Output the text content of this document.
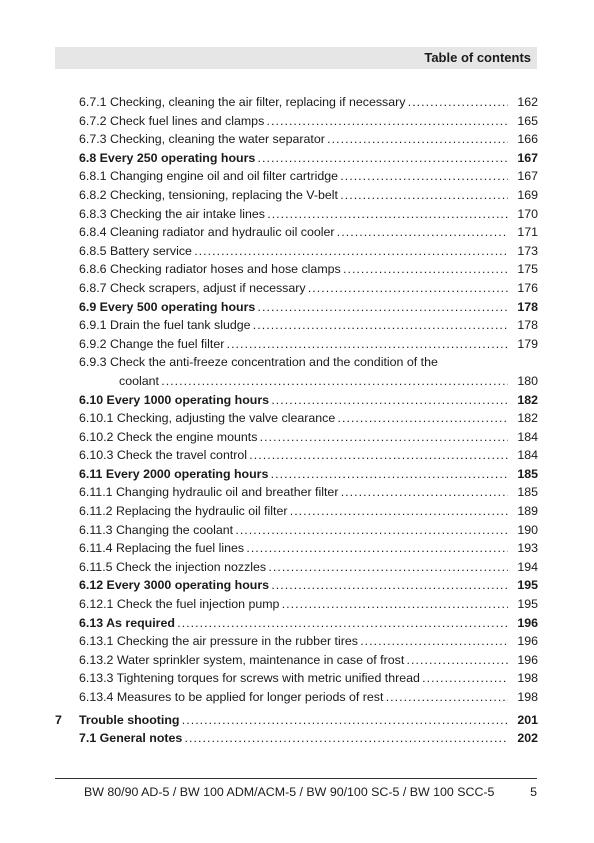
Table of contents
6.7.1 Checking, cleaning the air filter, replacing if necessary . . .	162
6.7.2 Check fuel lines and clamps . . .	165
6.7.3 Checking, cleaning the water separator . . .	166
6.8 Every 250 operating hours . . .	167
6.8.1 Changing engine oil and oil filter cartridge . . .	167
6.8.2 Checking, tensioning, replacing the V-belt . . .	169
6.8.3 Checking the air intake lines . . .	170
6.8.4 Cleaning radiator and hydraulic oil cooler . . .	171
6.8.5 Battery service . . .	173
6.8.6 Checking radiator hoses and hose clamps . . .	175
6.8.7 Check scrapers, adjust if necessary . . .	176
6.9 Every 500 operating hours . . .	178
6.9.1 Drain the fuel tank sludge . . .	178
6.9.2 Change the fuel filter . . .	179
6.9.3 Check the anti-freeze concentration and the condition of the
coolant . . .	180
6.10 Every 1000 operating hours . . .	182
6.10.1 Checking, adjusting the valve clearance . . .	182
6.10.2 Check the engine mounts . . .	184
6.10.3 Check the travel control . . .	184
6.11 Every 2000 operating hours . . .	185
6.11.1 Changing hydraulic oil and breather filter . . .	185
6.11.2 Replacing the hydraulic oil filter . . .	189
6.11.3 Changing the coolant . . .	190
6.11.4 Replacing the fuel lines . . .	193
6.11.5 Check the injection nozzles . . .	194
6.12 Every 3000 operating hours . . .	195
6.12.1 Check the fuel injection pump . . .	195
6.13 As required . . .	196
6.13.1 Checking the air pressure in the rubber tires . . .	196
6.13.2 Water sprinkler system, maintenance in case of frost . . .	196
6.13.3 Tightening torques for screws with metric unified thread . . .	198
6.13.4 Measures to be applied for longer periods of rest . . .	198
7 Trouble shooting . . .	201
7.1 General notes . . .	202
BW 80/90 AD-5 / BW 100 ADM/ACM-5 / BW 90/100 SC-5 / BW 100 SCC-5	5
